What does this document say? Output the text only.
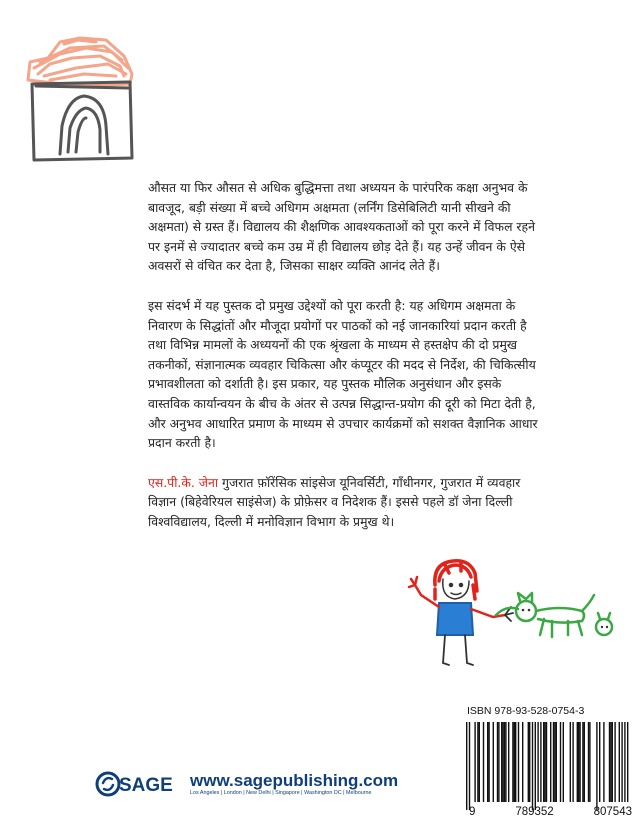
औसत या फिर औसत से अधिक बुद्धिमत्ता तथा अध्ययन के पारंपरिक कक्षा अनुभव के बावजूद, बड़ी संख्या में बच्चे अधिगम अक्षमता (लर्निंग डिसेबिलिटी यानी सीखने की अक्षमता) से ग्रस्त हैं। विद्यालय की शैक्षणिक आवश्यकताओं को पूरा करने में विफल रहने पर इनमें से ज्यादातर बच्चे कम उम्र में ही विद्यालय छोड़ देते हैं। यह उन्हें जीवन के ऐसे अवसरों से वंचित कर देता है, जिसका साक्षर व्यक्ति आनंद लेते हैं।

इस संदर्भ में यह पुस्तक दो प्रमुख उद्देश्यों को पूरा करती है: यह अधिगम अक्षमता के निवारण के सिद्धांतों और मौजूदा प्रयोगों पर पाठकों को नई जानकारियां प्रदान करती है तथा विभिन्न मामलों के अध्ययनों की एक श्रृंखला के माध्यम से हस्तक्षेप की दो प्रमुख तकनीकों, संज्ञानात्मक व्यवहार चिकित्सा और कंप्यूटर की मदद से निर्देश, की चिकित्सीय प्रभावशीलता को दर्शाती है। इस प्रकार, यह पुस्तक मौलिक अनुसंधान और इसके वास्तविक कार्यान्वयन के बीच के अंतर से उत्पन्न सिद्धान्त-प्रयोग की दूरी को मिटा देती है, और अनुभव आधारित प्रमाण के माध्यम से उपचार कार्यक्रमों को सशक्त वैज्ञानिक आधार प्रदान करती है।

एस.पी.के. जेना गुजरात फ़ॉरेंसिक सांइसेज यूनिवर्सिटी, गाँधीनगर, गुजरात में व्यवहार विज्ञान (बिहेवेरियल साइंसेज) के प्रोफ़ेसर व निदेशक हैं। इससे पहले डॉ जेना दिल्ली विश्वविद्यालय, दिल्ली में मनोविज्ञान विभाग के प्रमुख थे।

ISBN 978-93-528-0754-3
9	789352	807543
SAGE www.sagepublishing.com
Los Angeles | London | New Delhi | Singapore | Washington DC | Melbourne
